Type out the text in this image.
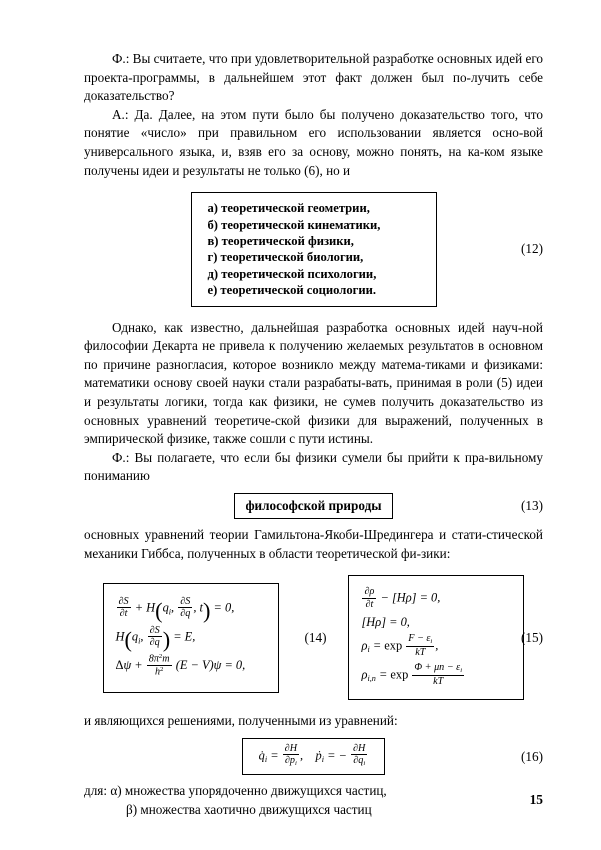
Ф.: Вы считаете, что при удовлетворительной разработке основных идей его проекта-программы, в дальнейшем этот факт должен был по-лучить себе доказательство?

А.: Да. Далее, на этом пути было бы получено доказательство того, что понятие «число» при правильном его использовании является осно-вой универсального языка, и, взяв его за основу, можно понять, на ка-ком языке получены идеи и результаты не только (6), но и

а) теоретической геометрии,
б) теоретической кинематики,
в) теоретической физики,
г) теоретической биологии,
д) теоретической психологии,
е) теоретической социологии.
(12)

Однако, как известно, дальнейшая разработка основных идей науч-ной философии Декарта не привела к получению желаемых результатов в основном по причине разногласия, которое возникло между матема-тиками и физиками: математики основу своей науки стали разрабаты-вать, принимая в роли (5) идеи и результаты логики, тогда как физики, не сумев получить доказательство из основных уравнений теоретиче-ской физики для выражений, полученных в эмпирической физике, также сошли с пути истины.

Ф.: Вы полагаете, что если бы физики сумели бы прийти к пра-вильному пониманию

философской природы	(13)

основных уравнений теории Гамильтона-Якоби-Шредингера и стати-стической механики Гиббса, полученных в области теоретической фи-зики:

$\frac{\partial S}{\partial t} + H(q_i$, $\frac{\partial S}{\partial q}$ , t) = 0,
$H(q_i$, $\frac{\partial S}{\partial q}$ ) = E,
$\Delta\psi + \frac{8\pi^2m}{h^2} (E - V)\psi = 0$,
(14)
$\frac{\partial\rho}{\partial t} - [H\rho] = 0$,
[Hρ] = 0,
$\rho_i = \exp \frac{F - \varepsilon_i}{kT}$ ,
$\rho_{i,n} = \exp \frac{\Phi + \mu n - \varepsilon_i}{kT}$
(15)

и являющихся решениями, полученными из уравнений:

$q̇_i = \frac{\partial H}{\partial p_i}$ ,    ṗ$_i$ = − $\frac{\partial H}{\partial q_i}$	(16)

для: α) множества упорядоченно движущихся частиц,

β) множества хаотично движущихся частиц

15
